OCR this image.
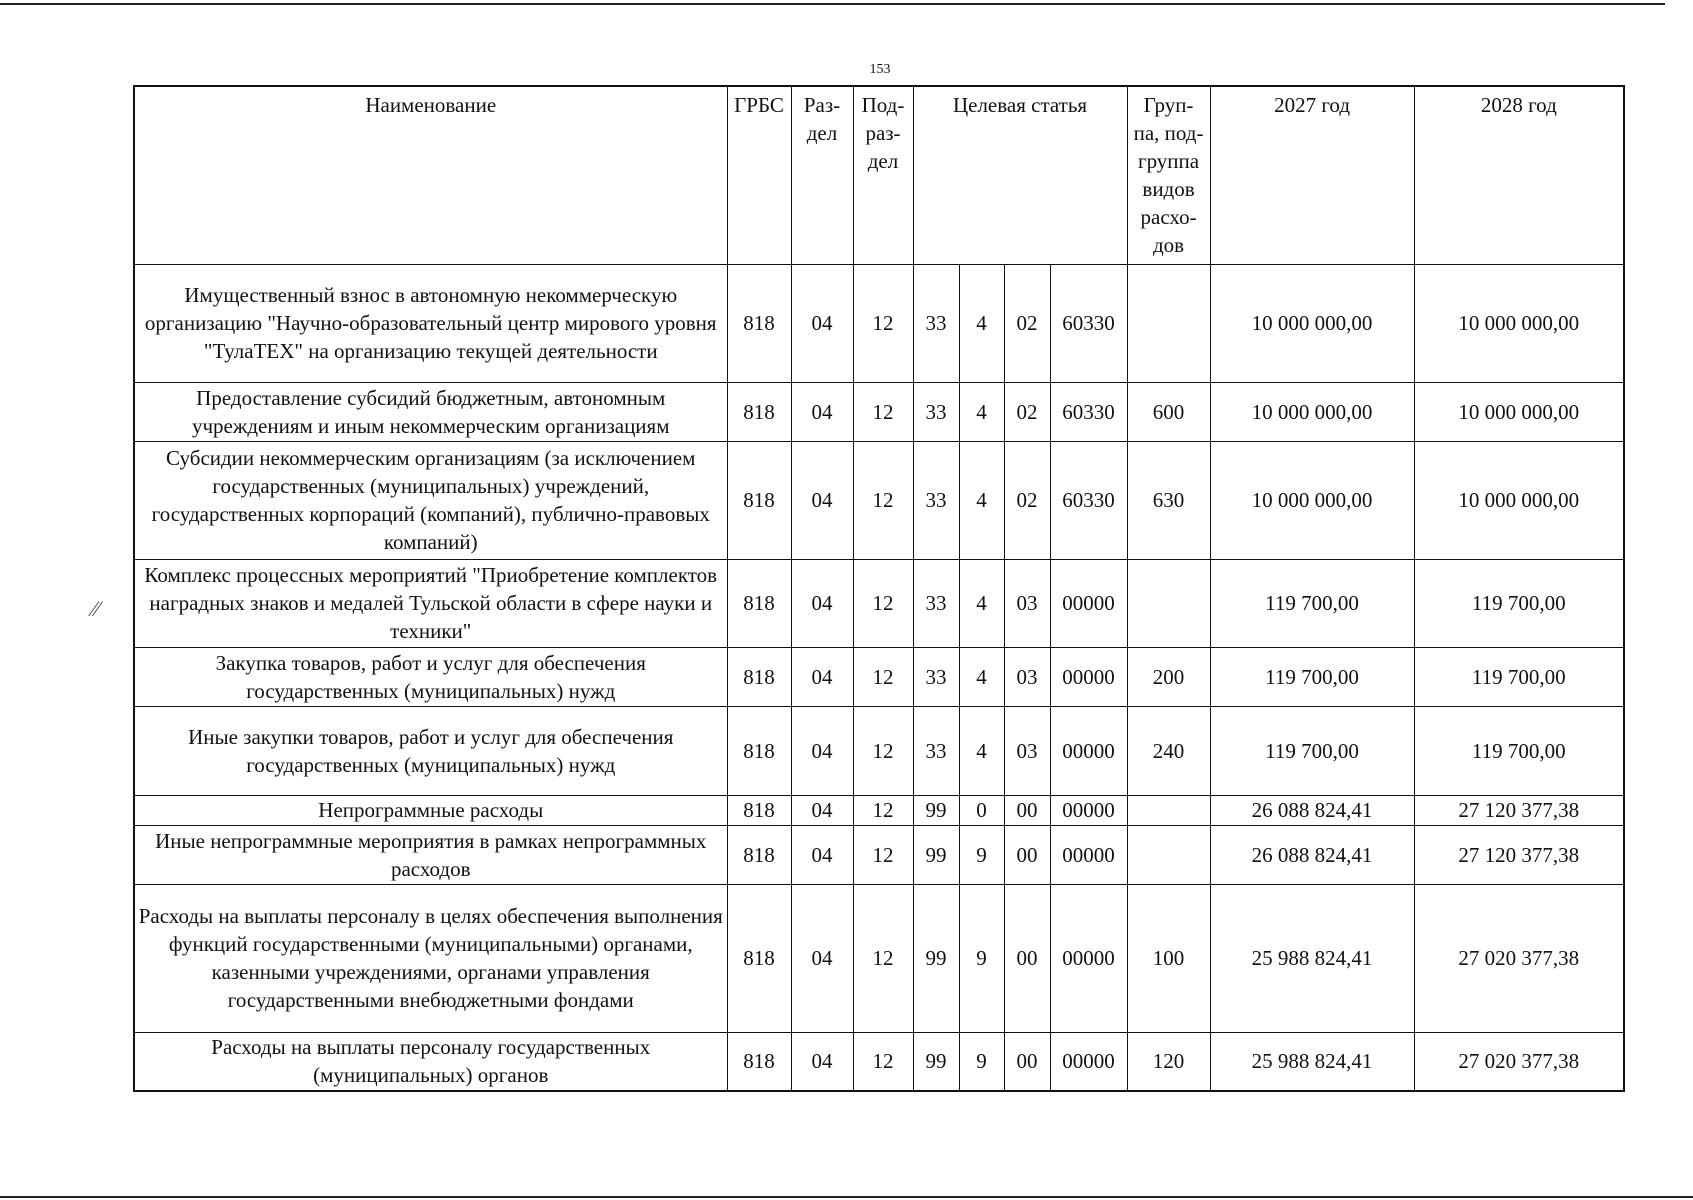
⁄⁄
153
Наименование	ГРБС	Раз- дел	Под- раз- дел	Целевая статья				Груп- па, под- группа видов расхо- дов	2027 год	2028 год
Имущественный взнос в автономную некоммерческую организацию "Научно-образовательный центр мирового уровня "ТулаТЕХ" на организацию текущей деятельности	818	04	12	33	4	02	60330		10 000 000,00	10 000 000,00
Предоставление субсидий бюджетным, автономным учреждениям и иным некоммерческим организациям	818	04	12	33	4	02	60330	600	10 000 000,00	10 000 000,00
Субсидии некоммерческим организациям (за исключением государственных (муниципальных) учреждений, государственных корпораций (компаний), публично-правовых компаний)	818	04	12	33	4	02	60330	630	10 000 000,00	10 000 000,00
Комплекс процессных мероприятий "Приобретение комплектов наградных знаков и медалей Тульской области в сфере науки и техники"	818	04	12	33	4	03	00000		119 700,00	119 700,00
Закупка товаров, работ и услуг для обеспечения государственных (муниципальных) нужд	818	04	12	33	4	03	00000	200	119 700,00	119 700,00
Иные закупки товаров, работ и услуг для обеспечения государственных (муниципальных) нужд	818	04	12	33	4	03	00000	240	119 700,00	119 700,00
Непрограммные расходы	818	04	12	99	0	00	00000		26 088 824,41	27 120 377,38
Иные непрограммные мероприятия в рамках непрограммных расходов	818	04	12	99	9	00	00000		26 088 824,41	27 120 377,38
Расходы на выплаты персоналу в целях обеспечения выполнения функций государственными (муниципальными) органами, казенными учреждениями, органами управления государственными внебюджетными фондами	818	04	12	99	9	00	00000	100	25 988 824,41	27 020 377,38
Расходы на выплаты персоналу государственных (муниципальных) органов	818	04	12	99	9	00	00000	120	25 988 824,41	27 020 377,38
